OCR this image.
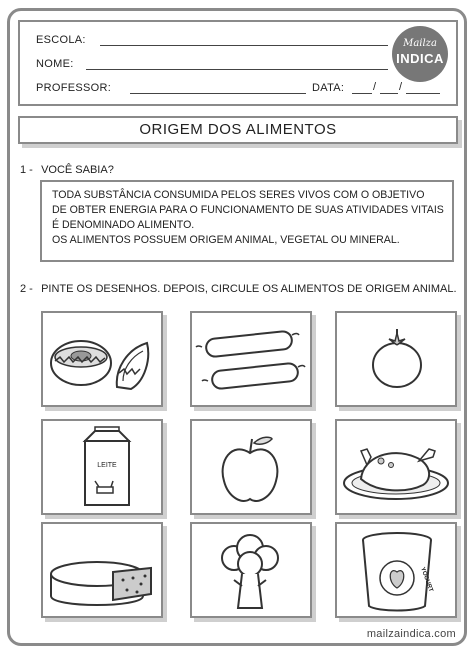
ESCOLA:
NOME:
PROFESSOR:	DATA:	/ /
Mailza
INDICA
ORIGEM DOS ALIMENTOS
1 - VOCÊ SABIA?
TODA SUBSTÂNCIA CONSUMIDA PELOS SERES VIVOS COM O OBJETIVO
DE OBTER ENERGIA PARA O FUNCIONAMENTO DE SUAS ATIVIDADES VITAIS
É DENOMINADO ALIMENTO.
OS ALIMENTOS POSSUEM ORIGEM ANIMAL, VEGETAL OU MINERAL.
2 - PINTE OS DESENHOS. DEPOIS, CIRCULE OS ALIMENTOS DE ORIGEM ANIMAL.
LEITE
YOGURT
mailzaindica.com
